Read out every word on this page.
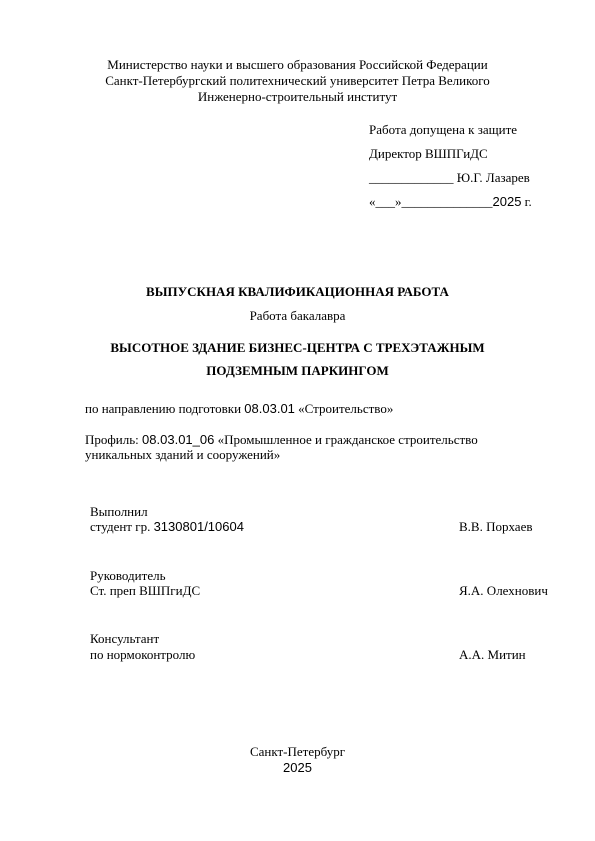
Министерство науки и высшего образования Российской Федерации
Санкт-Петербургский политехнический университет Петра Великого
Инженерно-строительный институт
Работа допущена к защите
Директор ВШПГиДС
_____________ Ю.Г. Лазарев
«___»______________2025 г.
ВЫПУСКНАЯ КВАЛИФИКАЦИОННАЯ РАБОТА
Работа бакалавра
ВЫСОТНОЕ ЗДАНИЕ БИЗНЕС-ЦЕНТРА С ТРЕХЭТАЖНЫМ
ПОДЗЕМНЫМ ПАРКИНГОМ
по направлению подготовки 08.03.01 «Строительство»
Профиль: 08.03.01_06 «Промышленное и гражданское строительство
уникальных зданий и сооружений»
Выполнил
студент гр. 3130801/10604	В.В. Порхаев
Руководитель
Ст. преп ВШПгиДС	Я.А. Олехнович
Консультант
по нормоконтролю	А.А. Митин
Санкт-Петербург
2025
